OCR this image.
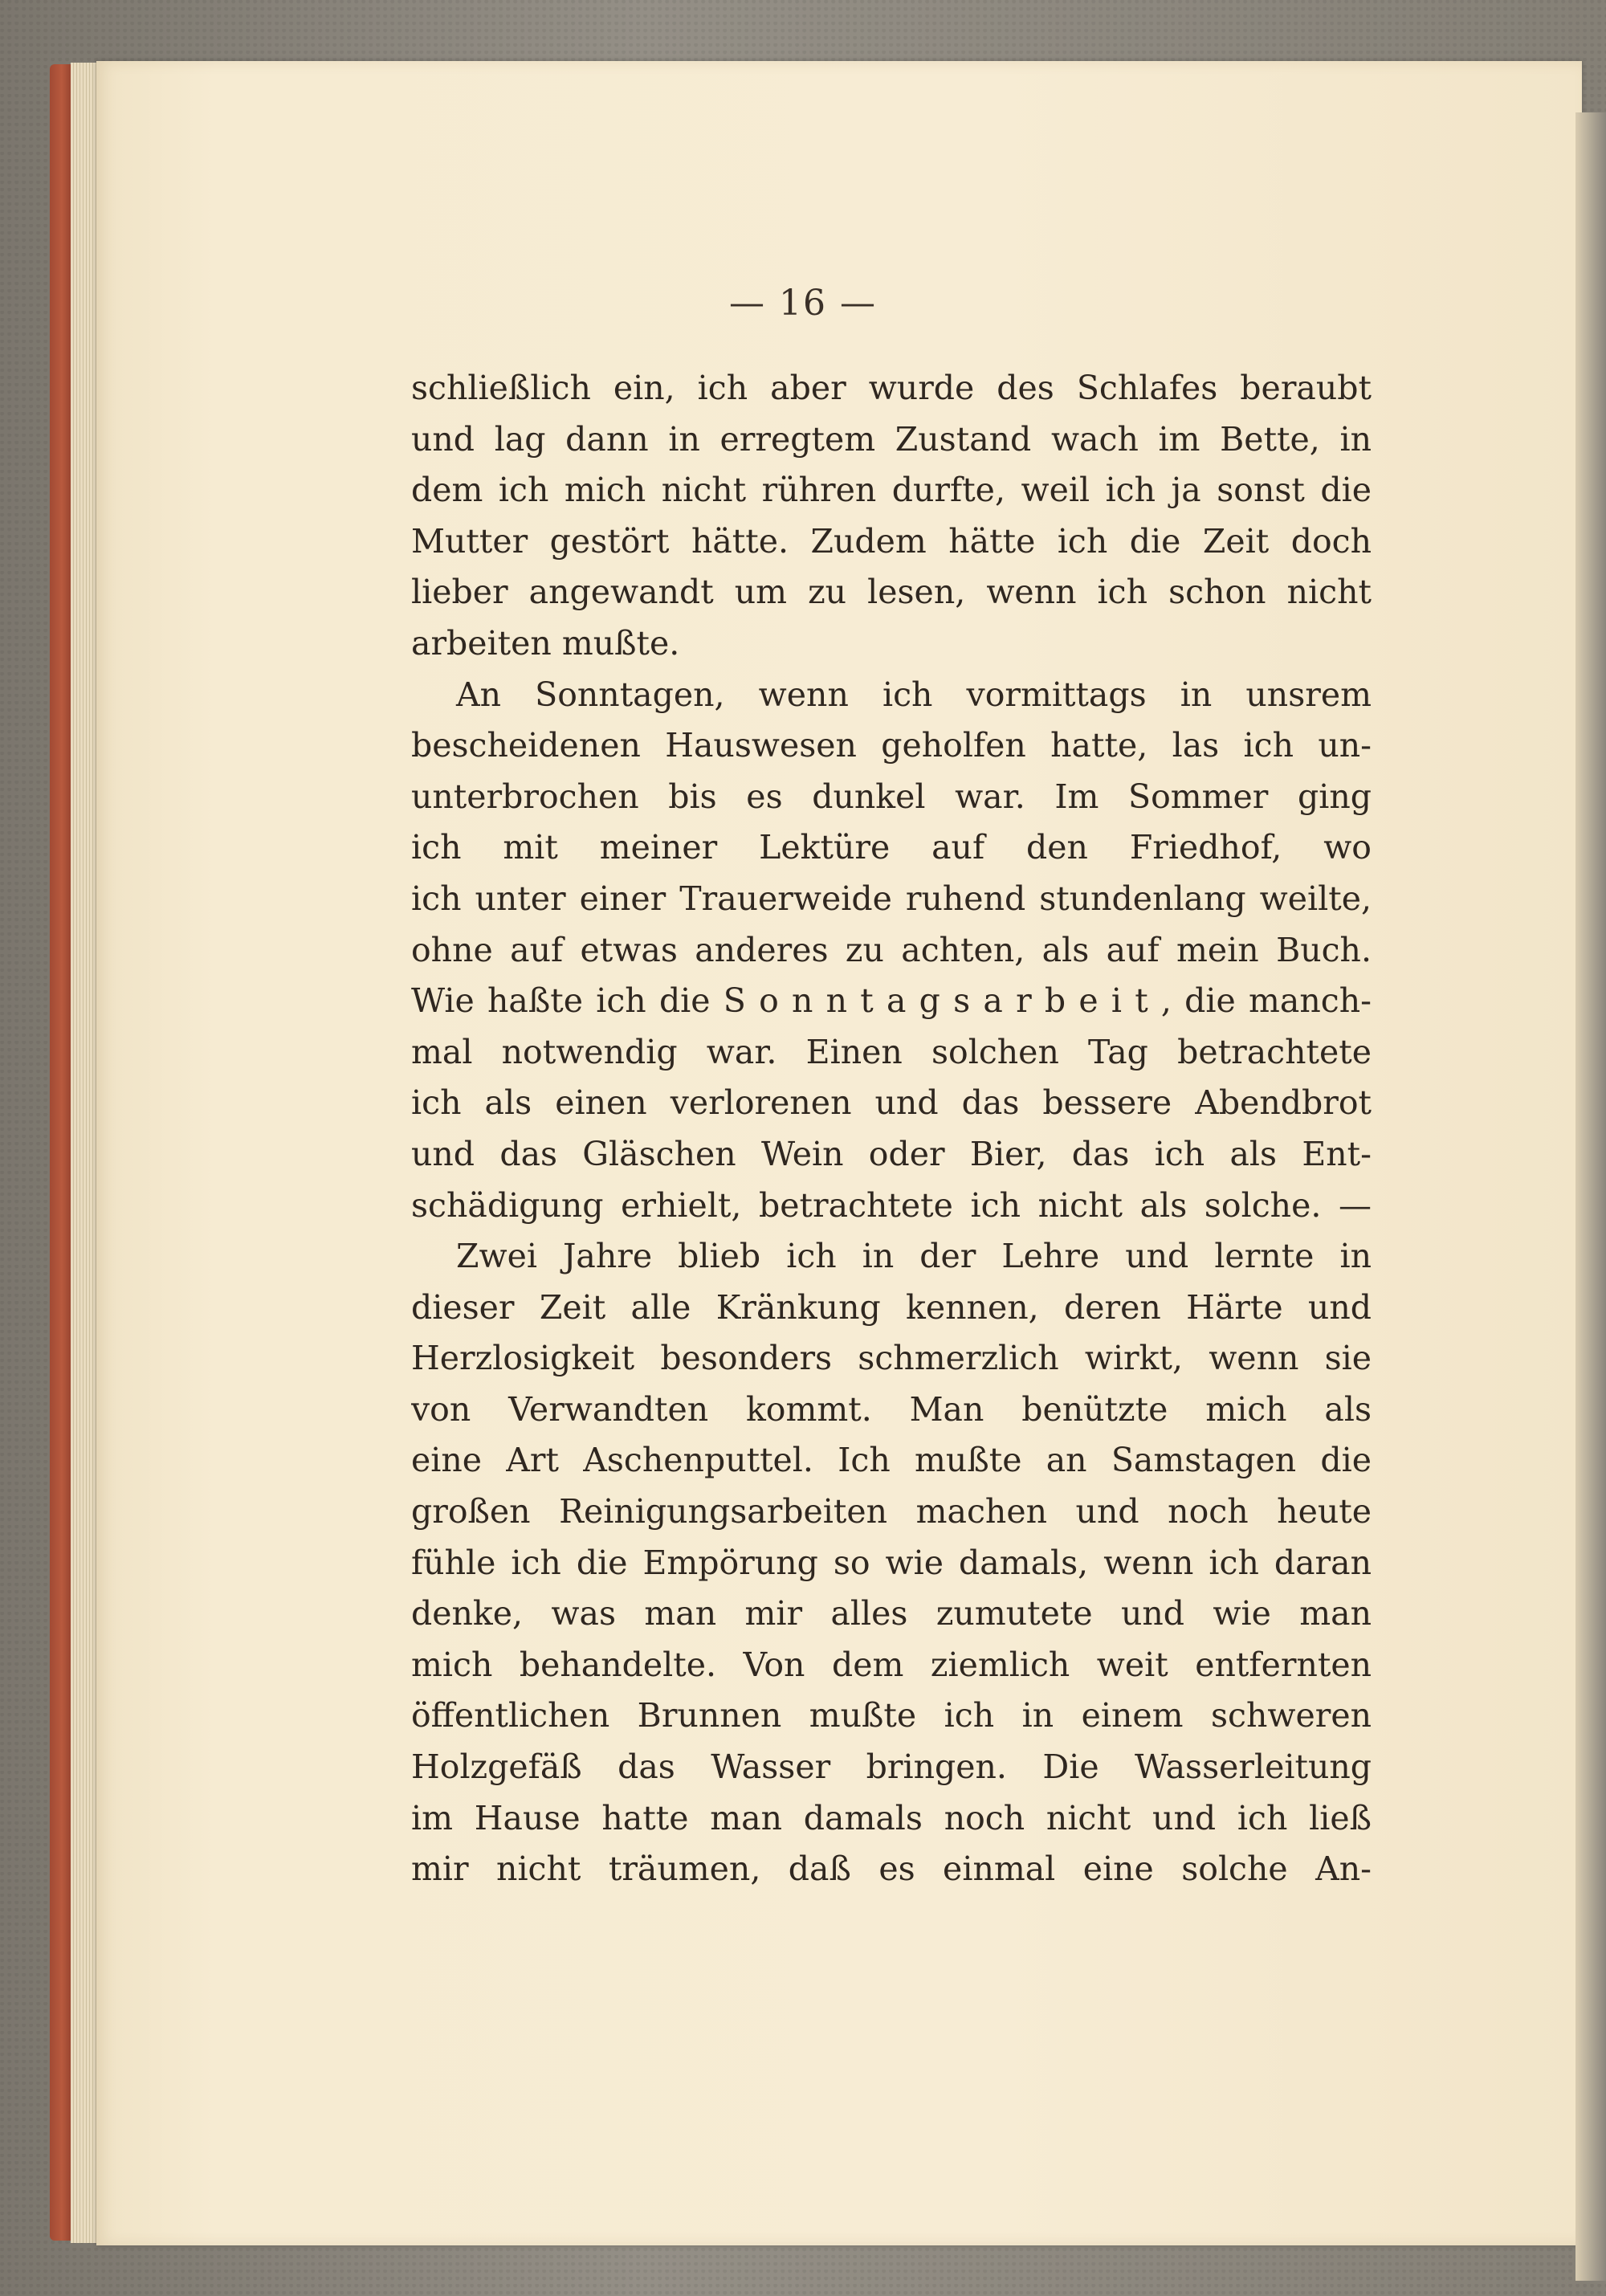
— 16 —
schließlich ein, ich aber wurde des Schlafes beraubt
und lag dann in erregtem Zustand wach im Bette, in
dem ich mich nicht rühren durfte, weil ich ja sonst die
Mutter gestört hätte. Zudem hätte ich die Zeit doch
lieber angewandt um zu lesen, wenn ich schon nicht
arbeiten mußte.
An Sonntagen, wenn ich vormittags in unsrem
bescheidenen Hauswesen geholfen hatte, las ich un-
unterbrochen bis es dunkel war. Im Sommer ging
ich mit meiner Lektüre auf den Friedhof, wo
ich unter einer Trauerweide ruhend stundenlang weilte,
ohne auf etwas anderes zu achten, als auf mein Buch.
Wie haßte ich die S o n n t a g s a r b e i t , die manch-
mal notwendig war. Einen solchen Tag betrachtete
ich als einen verlorenen und das bessere Abendbrot
und das Gläschen Wein oder Bier, das ich als Ent-
schädigung erhielt, betrachtete ich nicht als solche. —
Zwei Jahre blieb ich in der Lehre und lernte in
dieser Zeit alle Kränkung kennen, deren Härte und
Herzlosigkeit besonders schmerzlich wirkt, wenn sie
von Verwandten kommt. Man benützte mich als
eine Art Aschenputtel. Ich mußte an Samstagen die
großen Reinigungsarbeiten machen und noch heute
fühle ich die Empörung so wie damals, wenn ich daran
denke, was man mir alles zumutete und wie man
mich behandelte. Von dem ziemlich weit entfernten
öffentlichen Brunnen mußte ich in einem schweren
Holzgefäß das Wasser bringen. Die Wasserleitung
im Hause hatte man damals noch nicht und ich ließ
mir nicht träumen, daß es einmal eine solche An-
